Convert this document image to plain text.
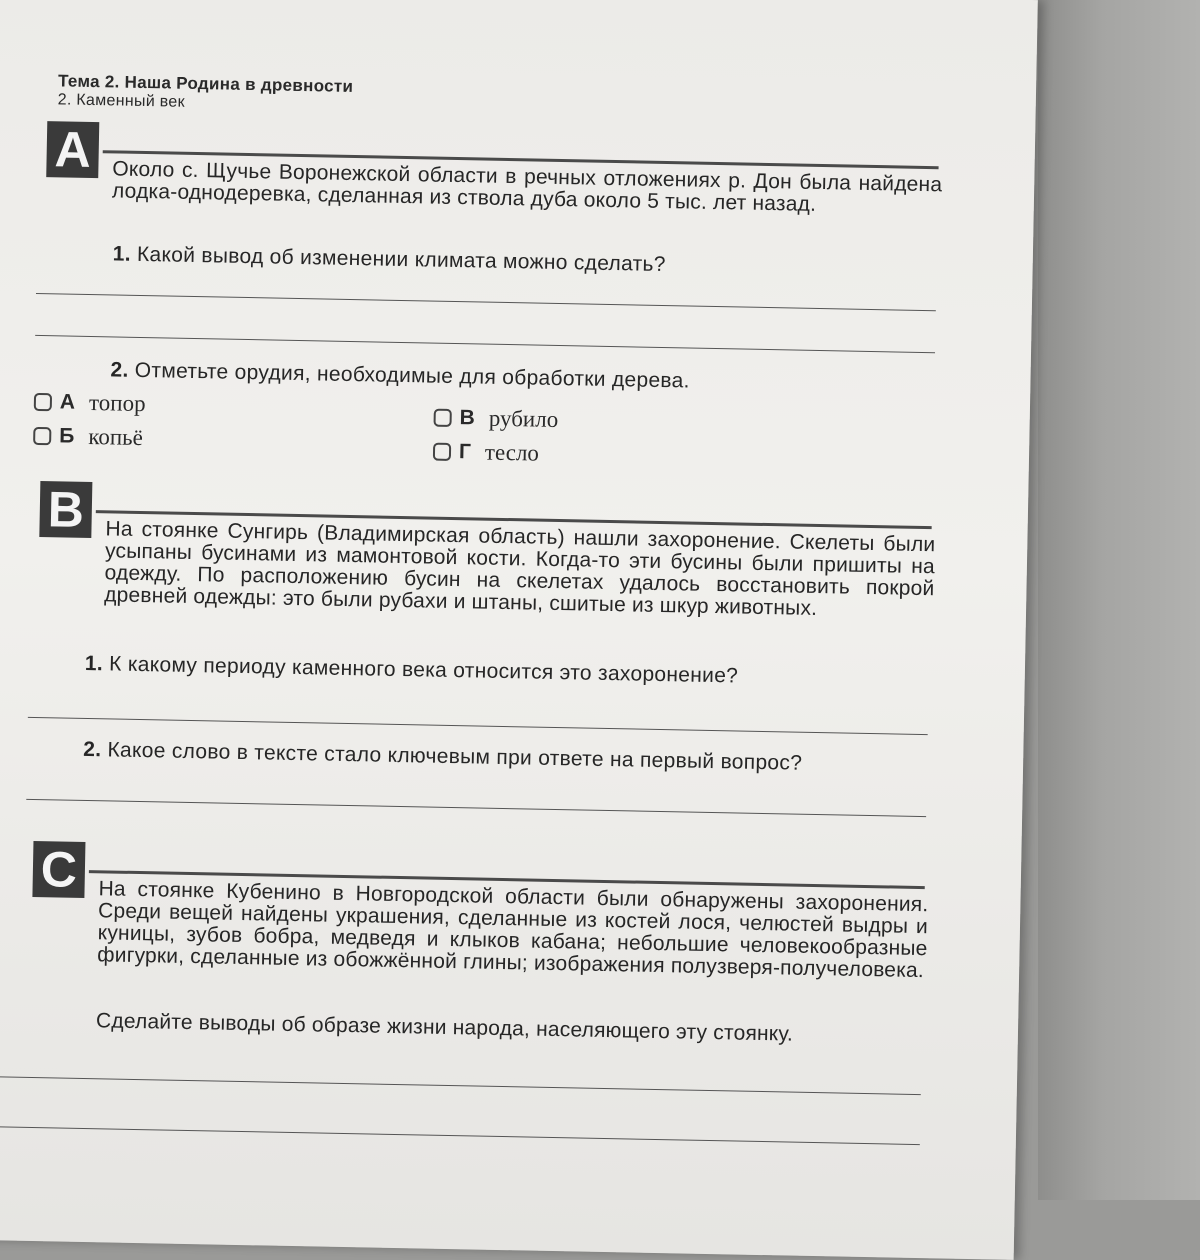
Тема 2. Наша Родина в древности
2. Каменный век
A Около с. Щучье Воронежской области в речных отложениях р. Дон была найдена лодка-однодеревка, сделанная из ствола дуба около 5 тыс. лет назад.
1. Какой вывод об изменении климата можно сделать?
2. Отметьте орудия, необходимые для обработки дерева.
А топор
Б копьё
В рубило
Г тесло
B На стоянке Сунгирь (Владимирская область) нашли захоронение. Скелеты были усыпаны бусинами из мамонтовой кости. Когда-то эти бусины были пришиты на одежду. По расположению бусин на скелетах удалось восстановить покрой древней одежды: это были рубахи и штаны, сшитые из шкур животных.
1. К какому периоду каменного века относится это захоронение?
2. Какое слово в тексте стало ключевым при ответе на первый вопрос?
C На стоянке Кубенино в Новгородской области были обнаружены захоронения. Среди вещей найдены украшения, сделанные из костей лося, челюстей выдры и куницы, зубов бобра, медведя и клыков кабана; небольшие человекообразные фигурки, сделанные из обожжённой глины; изображения полузверя-получеловека.
Сделайте выводы об образе жизни народа, населяющего эту стоянку.
